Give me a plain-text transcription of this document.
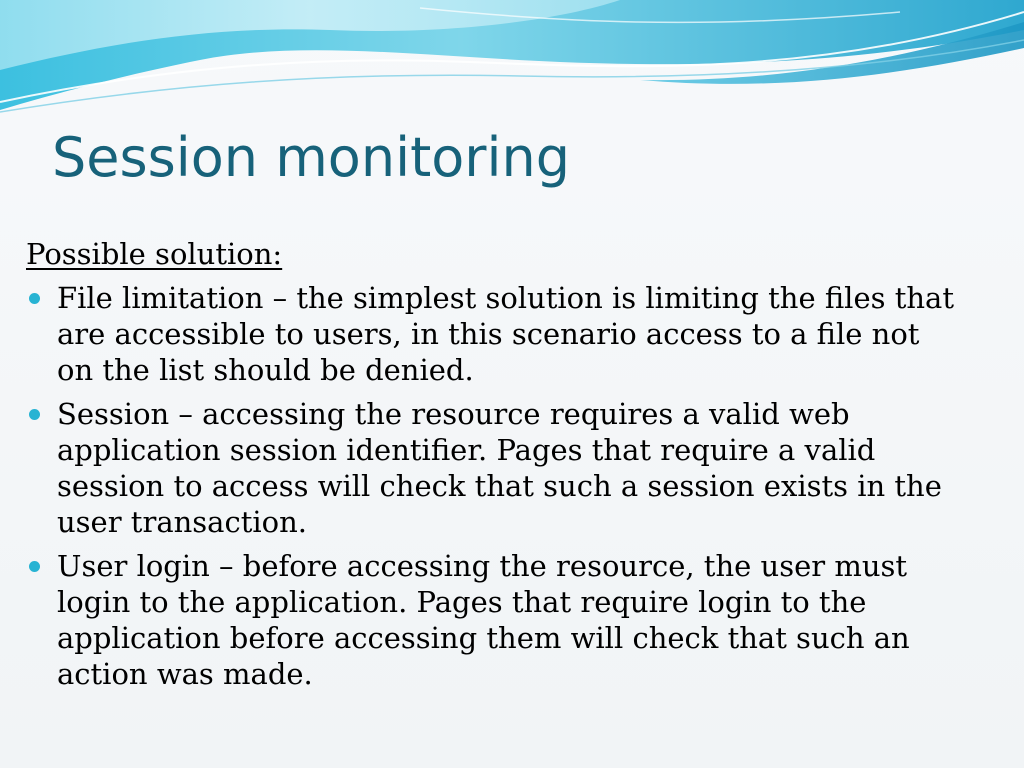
Session monitoring
Possible solution:
File limitation – the simplest solution is limiting the files that are accessible to users, in this scenario access to a file not on the list should be denied.
Session – accessing the resource requires a valid web application session identifier. Pages that require a valid session to access will check that such a session exists in the user transaction.
User login – before accessing the resource, the user must login to the application. Pages that require login to the application before accessing them will check that such an action was made.
